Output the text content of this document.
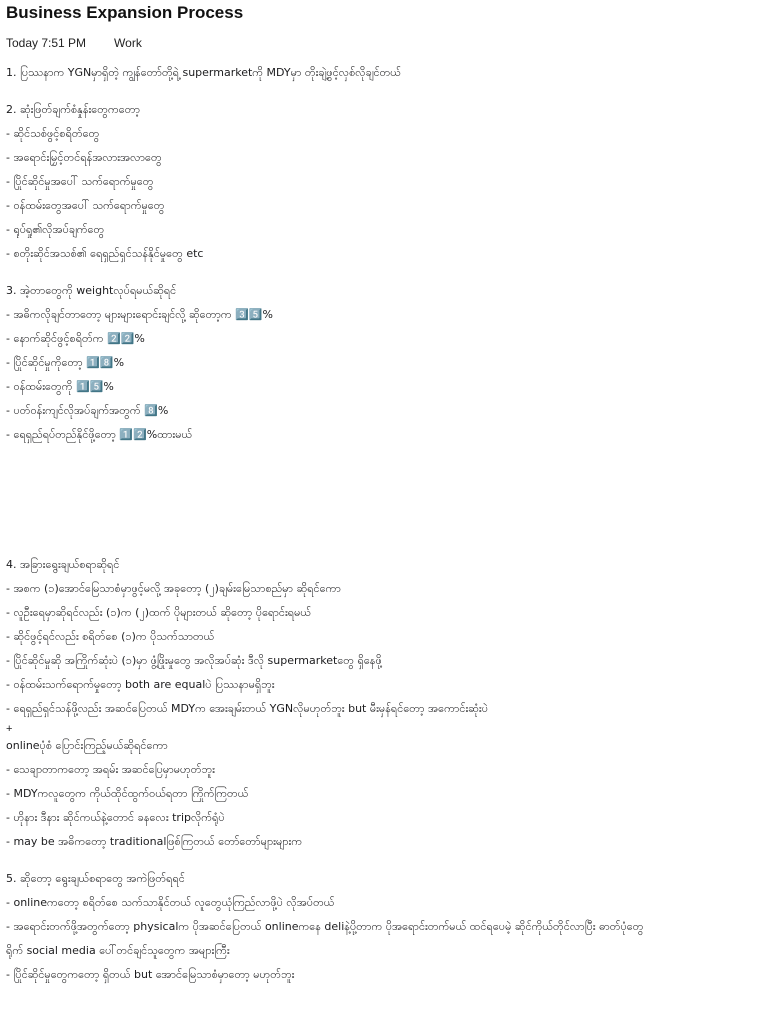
Business Expansion Process
Today 7:51 PM Work
1. ပြဿနာက YGNမှာရှိတဲ့ ကျွန်တော်တို့ရဲ့ supermarketကို MDYမှာ တိုးချဲ့ဖွင့်လှစ်လိုချင်တယ်
2. ဆုံးဖြတ်ချက်စံနှုန်းတွေကတော့
- ဆိုင်သစ်ဖွင့်စရိတ်တွေ
- အရောင်းမြှင့်တင်ရန်အလားအလာတွေ
- ပြိုင်ဆိုင်မှုအပေါ် သက်ရောက်မှုတွေ
- ဝန်ထမ်းတွေအပေါ် သက်ရောက်မှုတွေ
- ရုပ်ရှု၏လိုအပ်ချက်တွေ
- စတိုးဆိုင်အသစ်၏ ရေရှည်ရှင်သန်နိုင်မှုတွေ etc
3. အဲ့တာတွေကို weightလုပ်ရမယ်ဆိုရင်
- အဓိကလိုချင်တာတော့ များများရောင်းချင်လို့ ဆိုတော့က 3️⃣5️⃣%
- နောက်ဆိုင်ဖွင့်စရိတ်က 2️⃣2️⃣%
- ပြိုင်ဆိုင်မှုကိုတော့ 1️⃣8️⃣%
- ဝန်ထမ်းတွေကို 1️⃣5️⃣%
- ပတ်ဝန်းကျင်လိုအပ်ချက်အတွက် 8️⃣%
- ရေရှည်ရပ်တည်နိုင်ဖို့တော့ 1️⃣2️⃣%ထားမယ်
4. အခြားရွေးချယ်စရာဆိုရင်
- အစက (၁)အောင်မြေသာစံမှာဖွင့်မလို့ အခုတော့ (၂)ချမ်းမြေသာစည်မှာ ဆိုရင်ကော
- လူဦးရေမှာဆိုရင်လည်း (၁)က (၂)ထက် ပိုများတယ် ဆိုတော့ ပိုရောင်းရမယ်
- ဆိုင်ဖွင့်ရင်လည်း စရိတ်စေ (၁)က ပိုသက်သာတယ်
- ပြိုင်ဆိုင်မှုဆို အကြိုက်ဆုံးပဲ (၁)မှာ ဖွံ့ဖြိုးမှုတွေ အလိုအပ်ဆုံး ဒီလို supermarketတွေ ရှိနေဖို့
- ဝန်ထမ်းသက်ရောက်မှုတော့ both are equalပဲ ပြဿနာမရှိဘူး
- ရေရှည်ရှင်သန်ဖို့လည်း အဆင်ပြေတယ် MDYက အေးချမ်းတယ် YGNလိုမဟုတ်ဘူး but မီးမှန်ရင်တော့ အကောင်းဆုံးပဲ
+
onlineပုံစံ ပြောင်းကြည့်မယ်ဆိုရင်ကော
- သေချာတာကတော့ အရမ်း အဆင်ပြေမှာမဟုတ်ဘူး
- MDYကလူတွေက ကိုယ်ထိုင်ထွက်ဝယ်ရတာ ကြိုက်ကြတယ်
- ဟိုနား ဒီနား ဆိုင်ကယ်နဲ့တောင် ခနလေး tripလိုက်ရုံပဲ
- may be အဓိကတော့ traditionalဖြစ်ကြတယ် တော်တော်များများက
5. ဆိုတော့ ရွေးချယ်စရာတွေ အကဲဖြတ်ရရင်
- onlineကတော့ စရိတ်စေ သက်သာနိုင်တယ် လူတွေယုံကြည်လာဖို့ပဲ လိုအပ်တယ်
- အရောင်းတက်ဖို့အတွက်တော့ physicalက ပိုအဆင်ပြေတယ် onlineကနေ deliနဲ့ပို့တာက ပိုအရောင်းတက်မယ် ထင်ရပေမဲ့ ဆိုင်ကိုယ်တိုင်လာပြီး ဓာတ်ပုံတွေ
ရိုက် social media ပေါ်တင်ချင်သူတွေက အများကြီး
- ပြိုင်ဆိုင်မှုတွေကတော့ ရှိတယ် but အောင်မြေသာစံမှာတော့ မဟုတ်ဘူး
